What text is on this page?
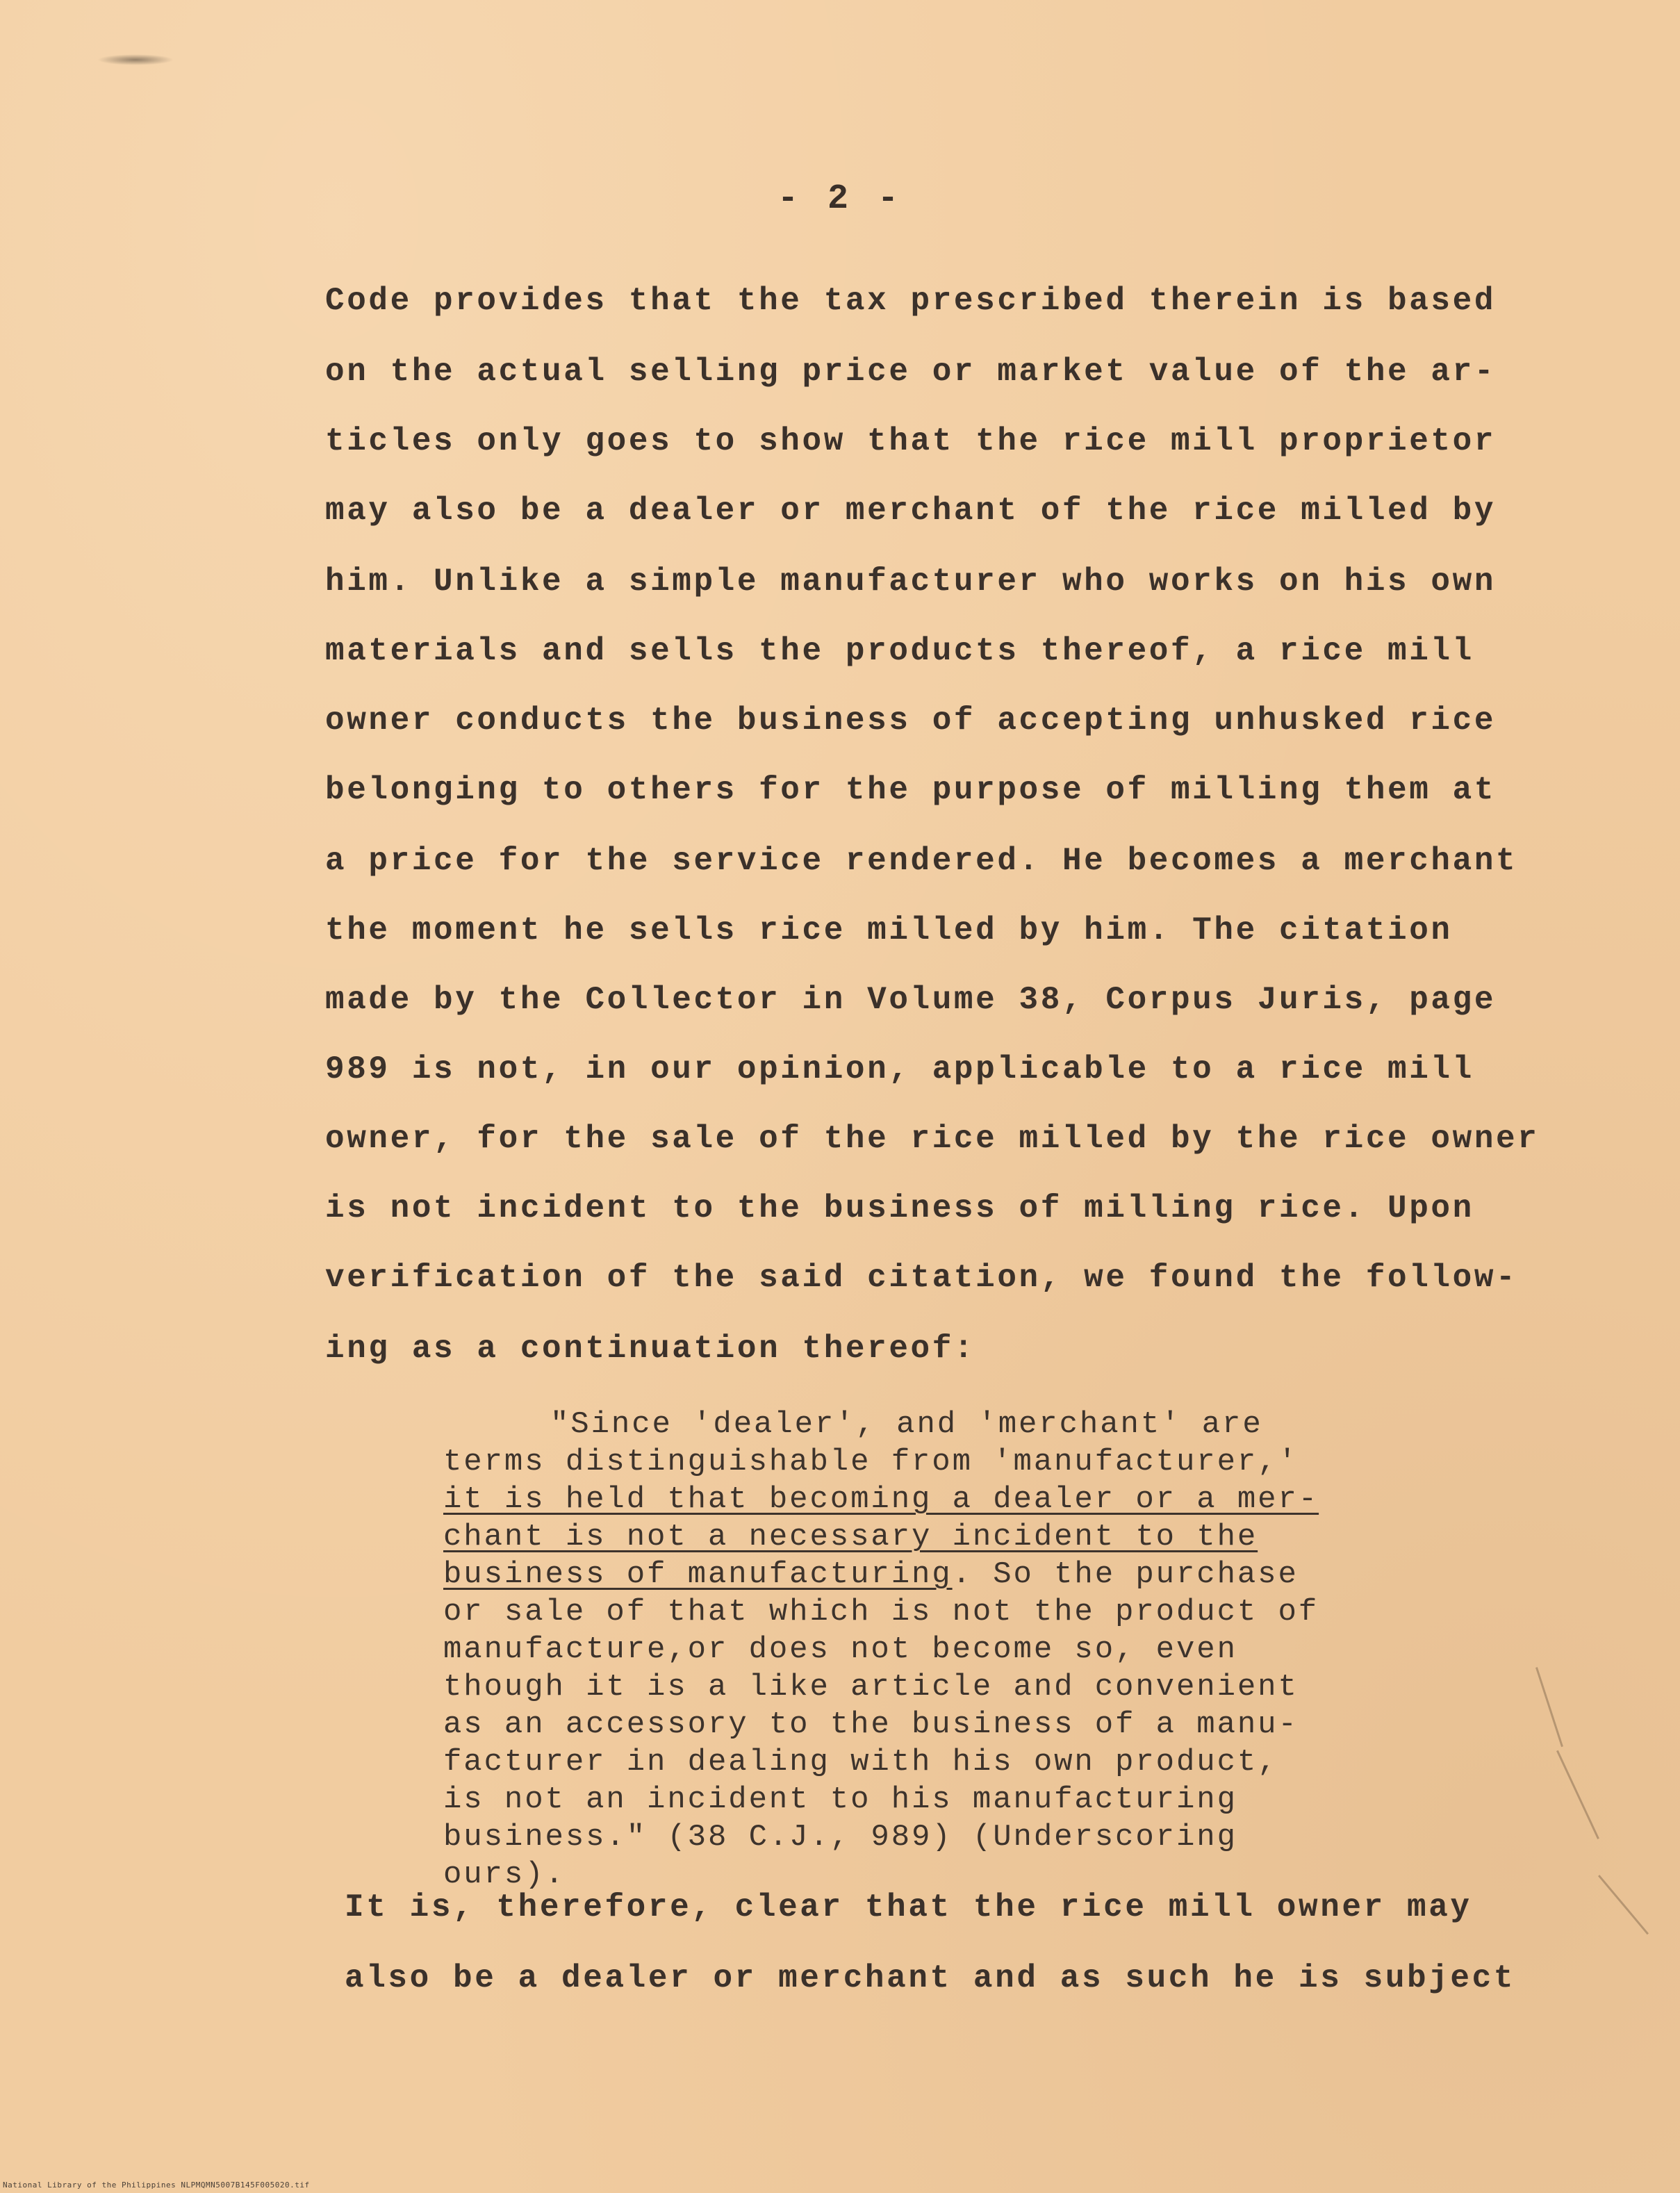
- 2 -
Code provides that the tax prescribed therein is based
on the actual selling price or market value of the ar-
ticles only goes to show that the rice mill proprietor
may also be a dealer or merchant of the rice milled by
him. Unlike a simple manufacturer who works on his own
materials and sells the products thereof, a rice mill
owner conducts the business of accepting unhusked rice
belonging to others for the purpose of milling them at
a price for the service rendered. He becomes a merchant
the moment he sells rice milled by him. The citation
made by the Collector in Volume 38, Corpus Juris, page
989 is not, in our opinion, applicable to a rice mill
owner, for the sale of the rice milled by the rice owner
is not incident to the business of milling rice. Upon
verification of the said citation, we found the follow-
ing as a continuation thereof:
"Since 'dealer', and 'merchant' are
terms distinguishable from 'manufacturer,'
it is held that becoming a dealer or a mer-
chant is not a necessary incident to the
business of manufacturing. So the purchase
or sale of that which is not the product of
manufacture,or does not become so, even
though it is a like article and convenient
as an accessory to the business of a manu-
facturer in dealing with his own product,
is not an incident to his manufacturing
business." (38 C.J., 989) (Underscoring
ours).
It is, therefore, clear that the rice mill owner may
also be a dealer or merchant and as such he is subject
National Library of the Philippines NLPMQMN5007B145F005020.tif
